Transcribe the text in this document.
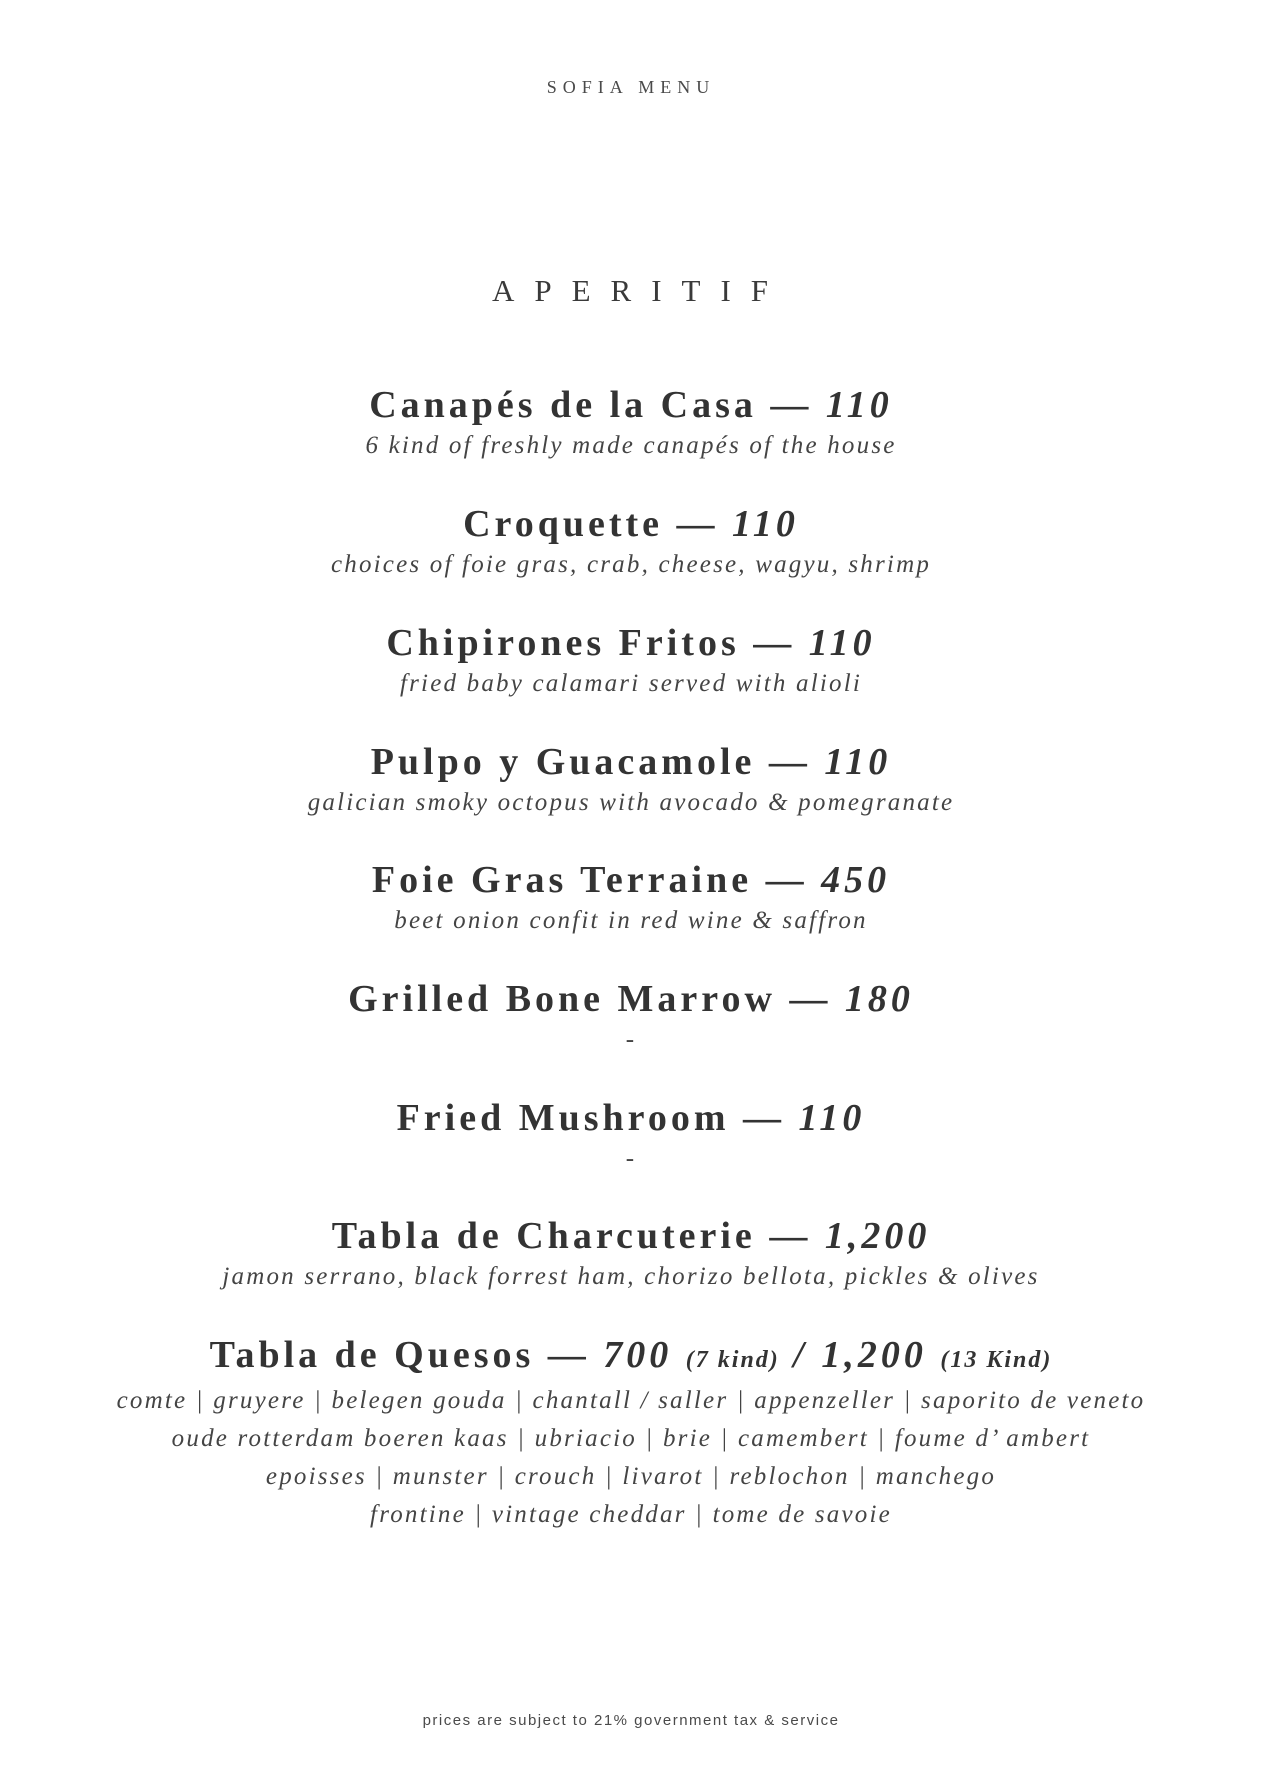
SOFIA MENU
APERITIF
Canapés de la Casa — 110
6 kind of freshly made canapés of the house
Croquette — 110
choices of foie gras, crab, cheese, wagyu, shrimp
Chipirones Fritos — 110
fried baby calamari served with alioli
Pulpo y Guacamole — 110
galician smoky octopus with avocado & pomegranate
Foie Gras Terraine — 450
beet onion confit in red wine & saffron
Grilled Bone Marrow — 180
-
Fried Mushroom — 110
-
Tabla de Charcuterie — 1,200
jamon serrano, black forrest ham, chorizo bellota, pickles & olives
Tabla de Quesos — 700 (7 kind) / 1,200 (13 Kind)
comte | gruyere | belegen gouda | chantall / saller | appenzeller | saporito de veneto
oude rotterdam boeren kaas | ubriacio | brie | camembert | foume d’ ambert
epoisses | munster | crouch | livarot | reblochon | manchego
frontine | vintage cheddar | tome de savoie
prices are subject to 21% government tax & service
